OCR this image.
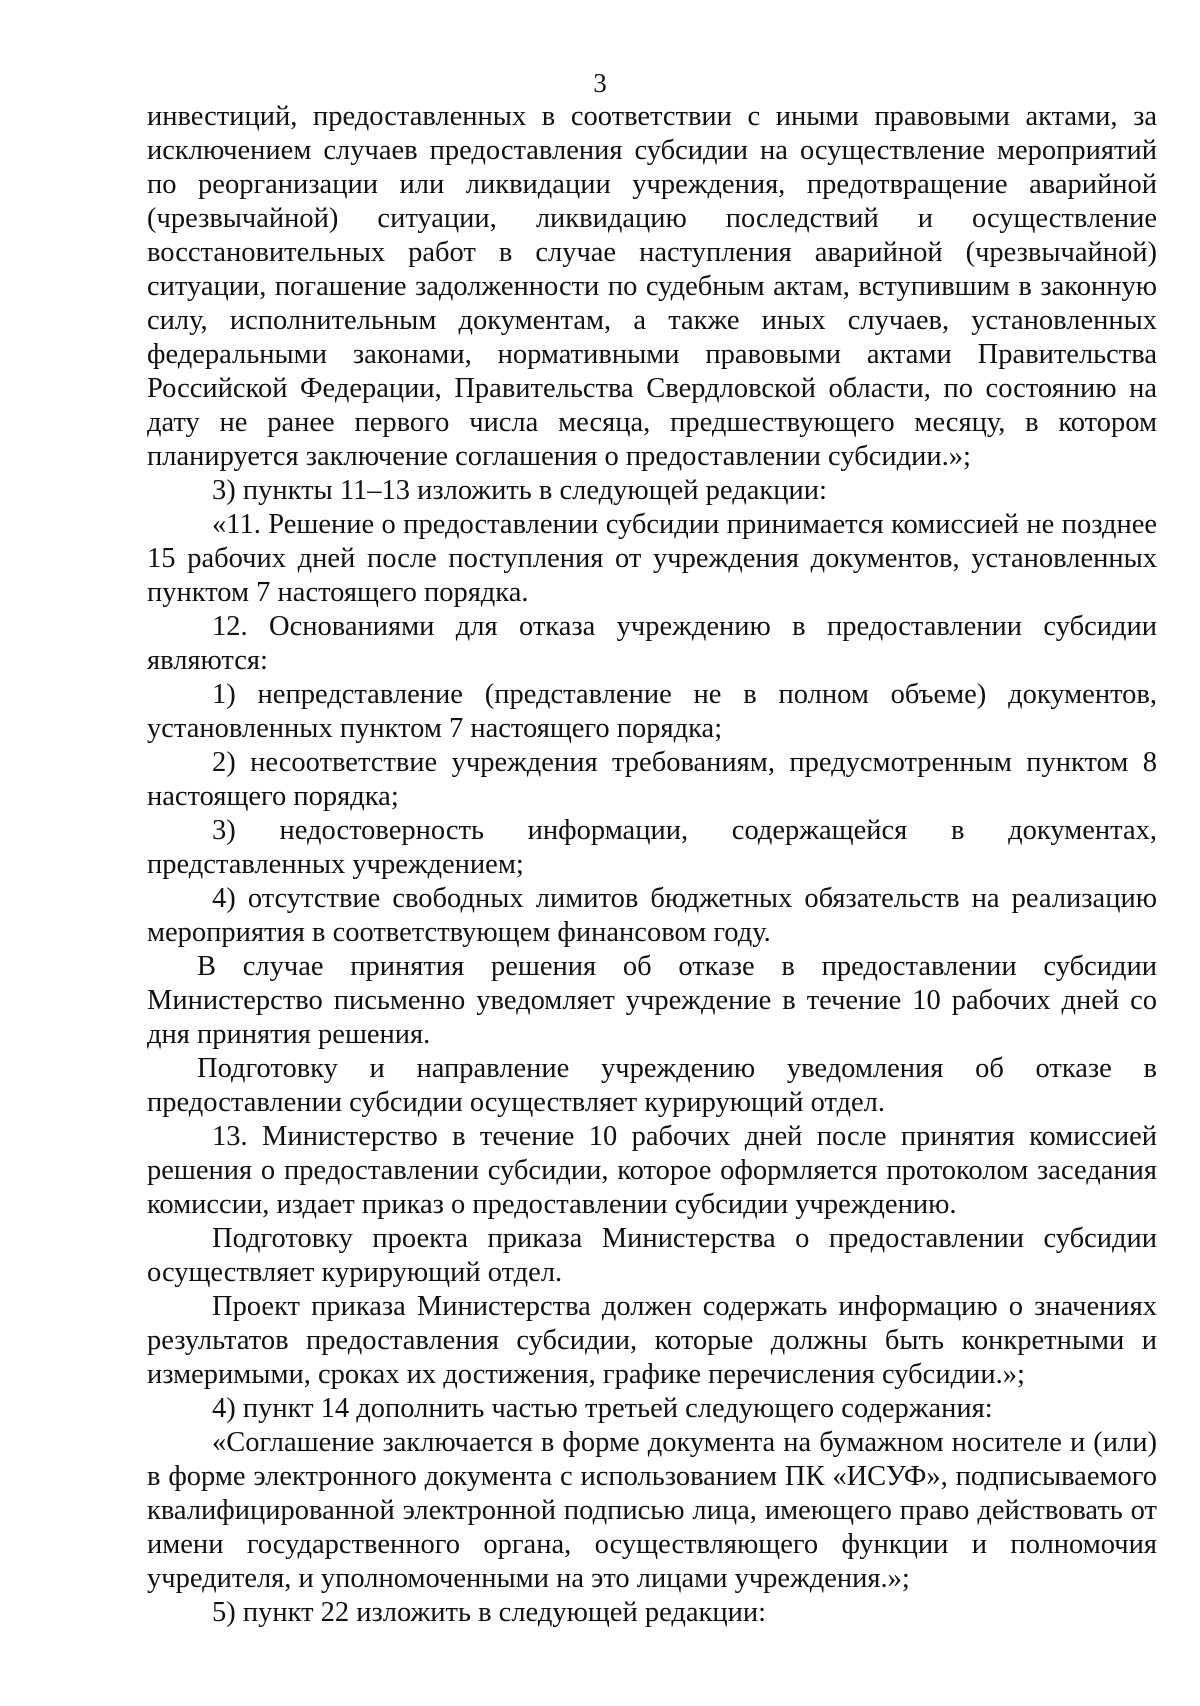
3

инвестиций, предоставленных в соответствии с иными правовыми актами, за исключением случаев предоставления субсидии на осуществление мероприятий по реорганизации или ликвидации учреждения, предотвращение аварийной (чрезвычайной) ситуации, ликвидацию последствий и осуществление восстановительных работ в случае наступления аварийной (чрезвычайной) ситуации, погашение задолженности по судебным актам, вступившим в законную силу, исполнительным документам, а также иных случаев, установленных федеральными законами, нормативными правовыми актами Правительства Российской Федерации, Правительства Свердловской области, по состоянию на дату не ранее первого числа месяца, предшествующего месяцу, в котором планируется заключение соглашения о предоставлении субсидии.»;

3) пункты 11–13 изложить в следующей редакции:

«11. Решение о предоставлении субсидии принимается комиссией не позднее 15 рабочих дней после поступления от учреждения документов, установленных пунктом 7 настоящего порядка.

12. Основаниями для отказа учреждению в предоставлении субсидии являются:

1) непредставление (представление не в полном объеме) документов, установленных пунктом 7 настоящего порядка;

2) несоответствие учреждения требованиям, предусмотренным пунктом 8 настоящего порядка;

3) недостоверность информации, содержащейся в документах, представленных учреждением;

4) отсутствие свободных лимитов бюджетных обязательств на реализацию мероприятия в соответствующем финансовом году.

В случае принятия решения об отказе в предоставлении субсидии Министерство письменно уведомляет учреждение в течение 10 рабочих дней со дня принятия решения.

Подготовку и направление учреждению уведомления об отказе в предоставлении субсидии осуществляет курирующий отдел.

13. Министерство в течение 10 рабочих дней после принятия комиссией решения о предоставлении субсидии, которое оформляется протоколом заседания комиссии, издает приказ о предоставлении субсидии учреждению.

Подготовку проекта приказа Министерства о предоставлении субсидии осуществляет курирующий отдел.

Проект приказа Министерства должен содержать информацию о значениях результатов предоставления субсидии, которые должны быть конкретными и измеримыми, сроках их достижения, графике перечисления субсидии.»;

4) пункт 14 дополнить частью третьей следующего содержания:

«Соглашение заключается в форме документа на бумажном носителе и (или) в форме электронного документа с использованием ПК «ИСУФ», подписываемого квалифицированной электронной подписью лица, имеющего право действовать от имени государственного органа, осуществляющего функции и полномочия учредителя, и уполномоченными на это лицами учреждения.»;

5) пункт 22 изложить в следующей редакции:
